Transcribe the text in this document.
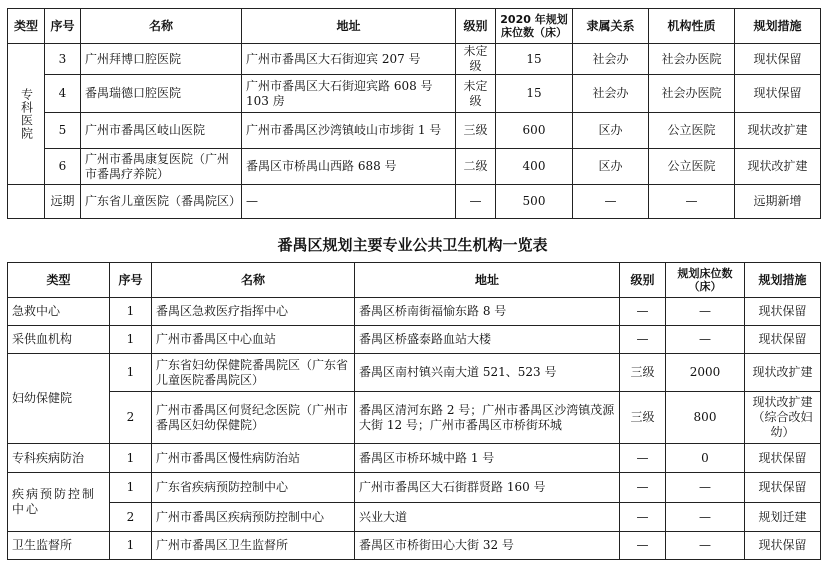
类型	序号	名称	地址	级别	2020 年规划床位数（床）	隶属关系	机构性质	规划措施

专科医院	3	广州拜博口腔医院	广州市番禺区大石街迎宾 207 号	未定级	15	社会办	社会办医院	现状保留
	4	番禺瑞德口腔医院	广州市番禺区大石街迎宾路 608 号 103 房	未定级	15	社会办	社会办医院	现状保留
	5	广州市番禺区岐山医院	广州市番禺区沙湾镇岐山市埗街 1 号	三级	600	区办	公立医院	现状改扩建
	6	广州市番禺康复医院（广州市番禺疗养院）	番禺区市桥禺山西路 688 号	二级	400	区办	公立医院	现状改扩建
	远期	广东省儿童医院（番禺院区）	—	—	500	—	—	远期新增
番禺区规划主要专业公共卫生机构一览表
类型	序号	名称	地址	级别	规划床位数（床）	规划措施
急救中心	1	番禺区急救医疗指挥中心	番禺区桥南街福愉东路 8 号	—	—	现状保留
采供血机构	1	广州市番禺区中心血站	番禺区桥盛泰路血站大楼	—	—	现状保留
妇幼保健院	1	广东省妇幼保健院番禺院区（广东省儿童医院番禺院区）	番禺区南村镇兴南大道 521、523 号	三级	2000	现状改扩建
	2	广州市番禺区何贤纪念医院（广州市番禺区妇幼保健院）	番禺区清河东路 2 号；广州市番禺区沙湾镇茂源大街 12 号；广州市番禺区市桥街环城	三级	800	现状改扩建（综合改妇幼）
专科疾病防治	1	广州市番禺区慢性病防治站	番禺区市桥环城中路 1 号	—	0	现状保留
疾病预防控制中心	1	广东省疾病预防控制中心	广州市番禺区大石街群贤路 160 号	—	—	现状保留
	2	广州市番禺区疾病预防控制中心	兴业大道	—	—	规划迁建
卫生监督所	1	广州市番禺区卫生监督所	番禺区市桥街田心大街 32 号	—	—	现状保留
